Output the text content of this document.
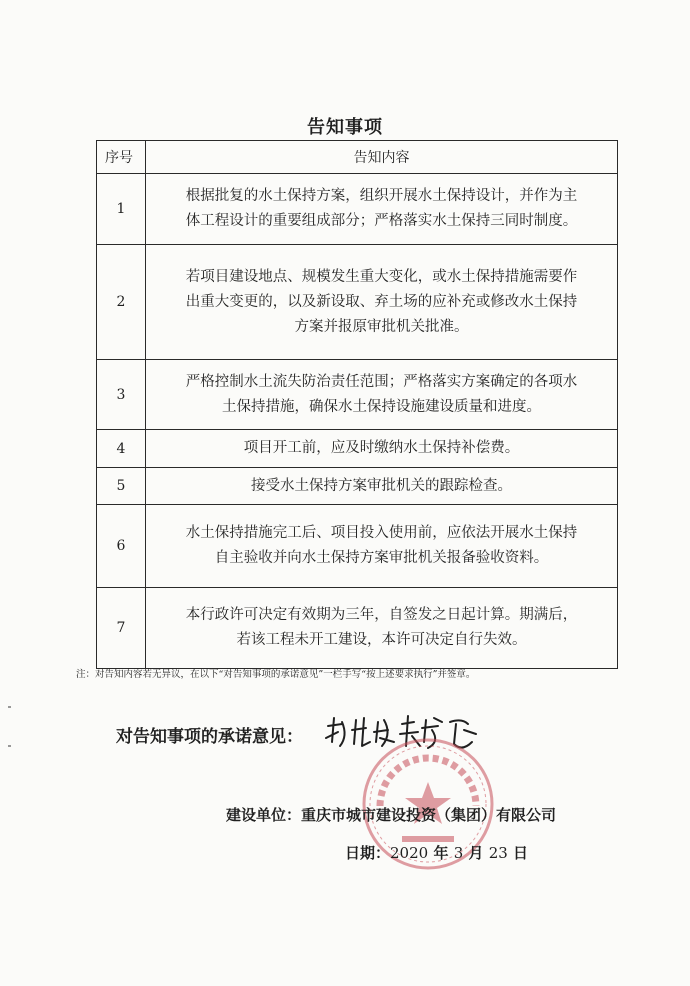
告知事项
序号	告知内容
1	根据批复的水土保持方案，组织开展水土保持设计，并作为主
体工程设计的重要组成部分；严格落实水土保持三同时制度。

2	若项目建设地点、规模发生重大变化，或水土保持措施需要作
出重大变更的，以及新设取、弃土场的应补充或修改水土保持
方案并报原审批机关批准。

3	严格控制水土流失防治责任范围；严格落实方案确定的各项水
土保持措施，确保水土保持设施建设质量和进度。

4	项目开工前，应及时缴纳水土保持补偿费。

5	接受水土保持方案审批机关的跟踪检查。

6	水土保持措施完工后、项目投入使用前，应依法开展水土保持
自主验收并向水土保持方案审批机关报备验收资料。

7	本行政许可决定有效期为三年，自签发之日起计算。期满后，
若该工程未开工建设，本许可决定自行失效。
注：对告知内容若无异议，在以下“对告知事项的承诺意见”一栏手写“按上述要求执行”并签章。
对告知事项的承诺意见：
建设单位：重庆市城市建设投资（集团）有限公司
日期：2020 年 3 月 23 日
